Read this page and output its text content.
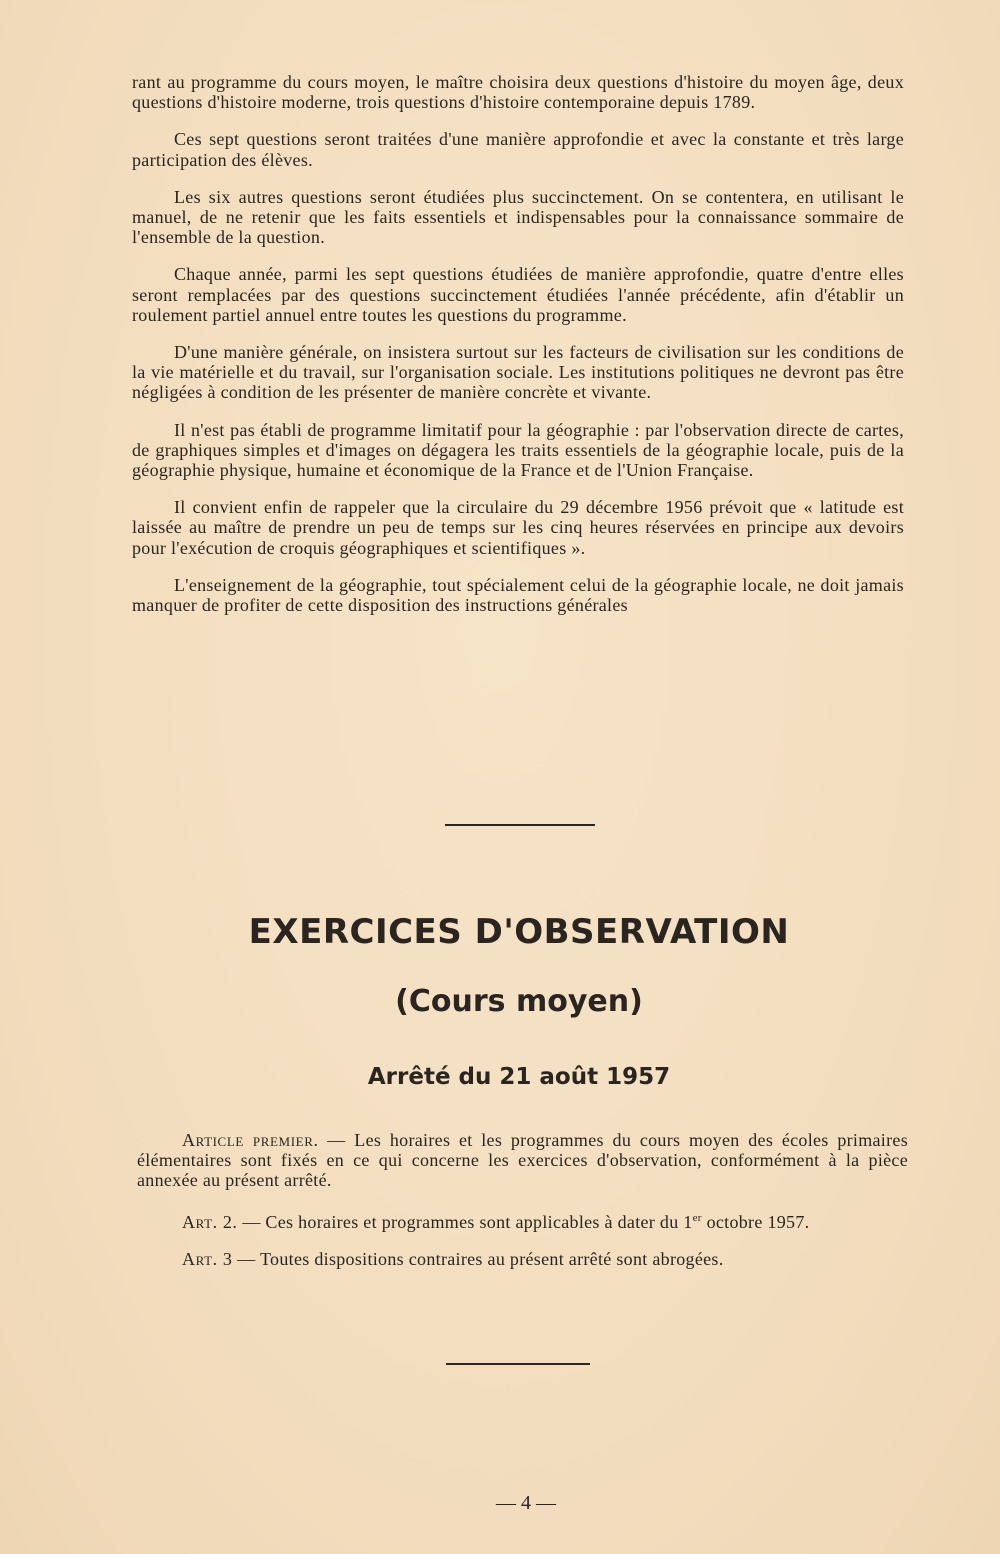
rant au programme du cours moyen, le maître choisira deux questions d'histoire du moyen âge, deux questions d'histoire moderne, trois questions d'histoire contemporaine depuis 1789.

Ces sept questions seront traitées d'une manière approfondie et avec la constante et très large participation des élèves.

Les six autres questions seront étudiées plus succinctement. On se contentera, en utilisant le manuel, de ne retenir que les faits essentiels et indispensables pour la connaissance sommaire de l'ensemble de la question.

Chaque année, parmi les sept questions étudiées de manière approfondie, quatre d'entre elles seront remplacées par des questions succinctement étudiées l'année précédente, afin d'établir un roulement partiel annuel entre toutes les questions du programme.

D'une manière générale, on insistera surtout sur les facteurs de civilisation sur les conditions de la vie matérielle et du travail, sur l'organisation sociale. Les institutions politiques ne devront pas être négligées à condition de les présenter de manière concrète et vivante.

Il n'est pas établi de programme limitatif pour la géographie : par l'observation directe de cartes, de graphiques simples et d'images on dégagera les traits essentiels de la géographie locale, puis de la géographie physique, humaine et économique de la France et de l'Union Française.

Il convient enfin de rappeler que la circulaire du 29 décembre 1956 prévoit que « latitude est laissée au maître de prendre un peu de temps sur les cinq heures réservées en principe aux devoirs pour l'exécution de croquis géographiques et scientifiques ».

L'enseignement de la géographie, tout spécialement celui de la géographie locale, ne doit jamais manquer de profiter de cette disposition des instructions générales

EXERCICES D'OBSERVATION
(Cours moyen)
Arrêté du 21 août 1957

Article premier. — Les horaires et les programmes du cours moyen des écoles primaires élémentaires sont fixés en ce qui concerne les exercices d'observation, conformément à la pièce annexée au présent arrêté.

Art. 2. — Ces horaires et programmes sont applicables à dater du 1er octobre 1957.

Art. 3 — Toutes dispositions contraires au présent arrêté sont abrogées.

— 4 —
